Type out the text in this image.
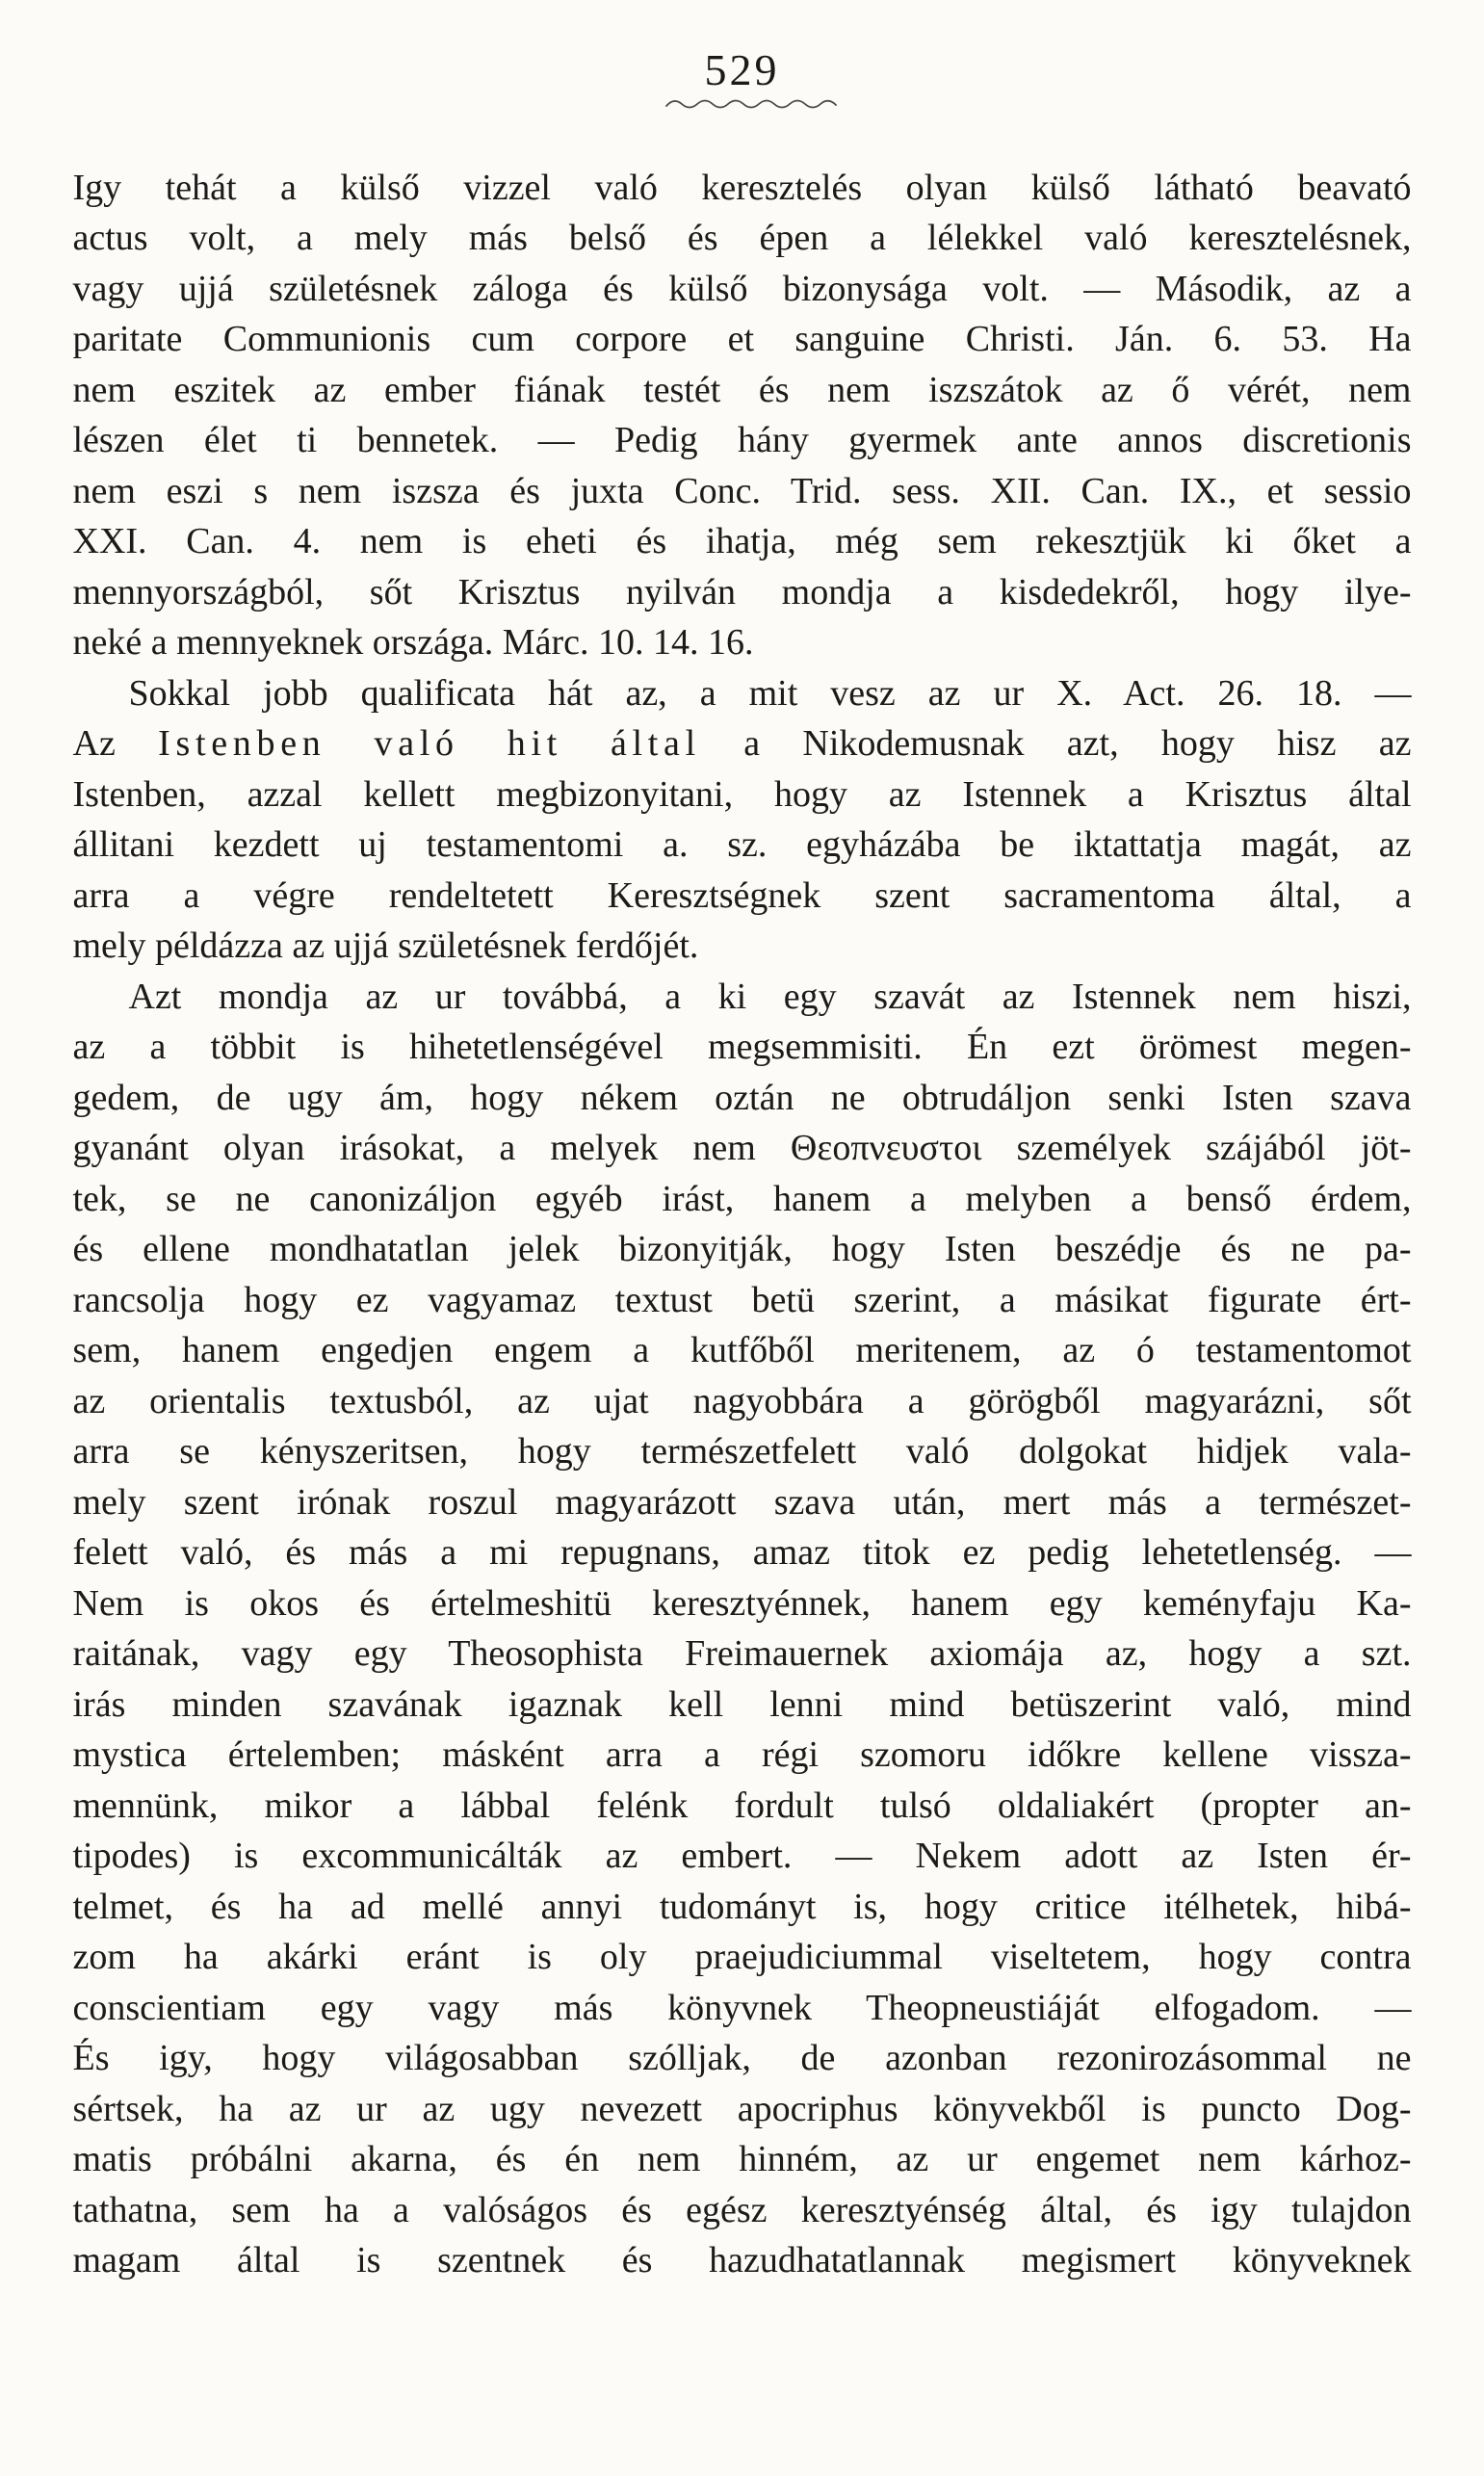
529
Igy tehát a külső vizzel való keresztelés olyan külső látható beavató
actus volt, a mely más belső és épen a lélekkel való keresztelésnek,
vagy ujjá születésnek záloga és külső bizonysága volt. — Második, az a
paritate Communionis cum corpore et sanguine Christi. Ján. 6. 53. Ha
nem eszitek az ember fiának testét és nem iszszátok az ő vérét, nem
lészen élet ti bennetek. — Pedig hány gyermek ante annos discretionis
nem eszi s nem iszsza és juxta Conc. Trid. sess. XII. Can. IX., et sessio
XXI. Can. 4. nem is eheti és ihatja, még sem rekesztjük ki őket a
mennyországból, sőt Krisztus nyilván mondja a kisdedekről, hogy ilye-
neké a mennyeknek országa. Márc. 10. 14. 16.
Sokkal jobb qualificata hát az, a mit vesz az ur X. Act. 26. 18. —
Az Istenben való hit által a Nikodemusnak azt, hogy hisz az
Istenben, azzal kellett megbizonyitani, hogy az Istennek a Krisztus által
állitani kezdett uj testamentomi a. sz. egyházába be iktattatja magát, az
arra a végre rendeltetett Keresztségnek szent sacramentoma által, a
mely példázza az ujjá születésnek ferdőjét.
Azt mondja az ur továbbá, a ki egy szavát az Istennek nem hiszi,
az a többit is hihetetlenségével megsemmisiti. Én ezt örömest megen-
gedem, de ugy ám, hogy nékem oztán ne obtrudáljon senki Isten szava
gyanánt olyan irásokat, a melyek nem Θεοπνευστοι személyek szájából jöt-
tek, se ne canonizáljon egyéb irást, hanem a melyben a benső érdem,
és ellene mondhatatlan jelek bizonyitják, hogy Isten beszédje és ne pa-
rancsolja hogy ez vagyamaz textust betü szerint, a másikat figurate ért-
sem, hanem engedjen engem a kutfőből meritenem, az ó testamentomot
az orientalis textusból, az ujat nagyobbára a görögből magyarázni, sőt
arra se kényszeritsen, hogy természetfelett való dolgokat hidjek vala-
mely szent irónak roszul magyarázott szava után, mert más a természet-
felett való, és más a mi repugnans, amaz titok ez pedig lehetetlenség. —
Nem is okos és értelmeshitü keresztyénnek, hanem egy keményfaju Ka-
raitának, vagy egy Theosophista Freimauernek axiomája az, hogy a szt.
irás minden szavának igaznak kell lenni mind betüszerint való, mind
mystica értelemben; másként arra a régi szomoru időkre kellene vissza-
mennünk, mikor a lábbal felénk fordult tulsó oldaliakért (propter an-
tipodes) is excommunicálták az embert. — Nekem adott az Isten ér-
telmet, és ha ad mellé annyi tudományt is, hogy critice itélhetek, hibá-
zom ha akárki eránt is oly praejudiciummal viseltetem, hogy contra
conscientiam egy vagy más könyvnek Theopneustiáját elfogadom. —
És igy, hogy világosabban szólljak, de azonban rezonirozásommal ne
sértsek, ha az ur az ugy nevezett apocriphus könyvekből is puncto Dog-
matis próbálni akarna, és én nem hinném, az ur engemet nem kárhoz-
tathatna, sem ha a valóságos és egész keresztyénség által, és igy tulajdon
magam által is szentnek és hazudhatatlannak megismert könyveknek
